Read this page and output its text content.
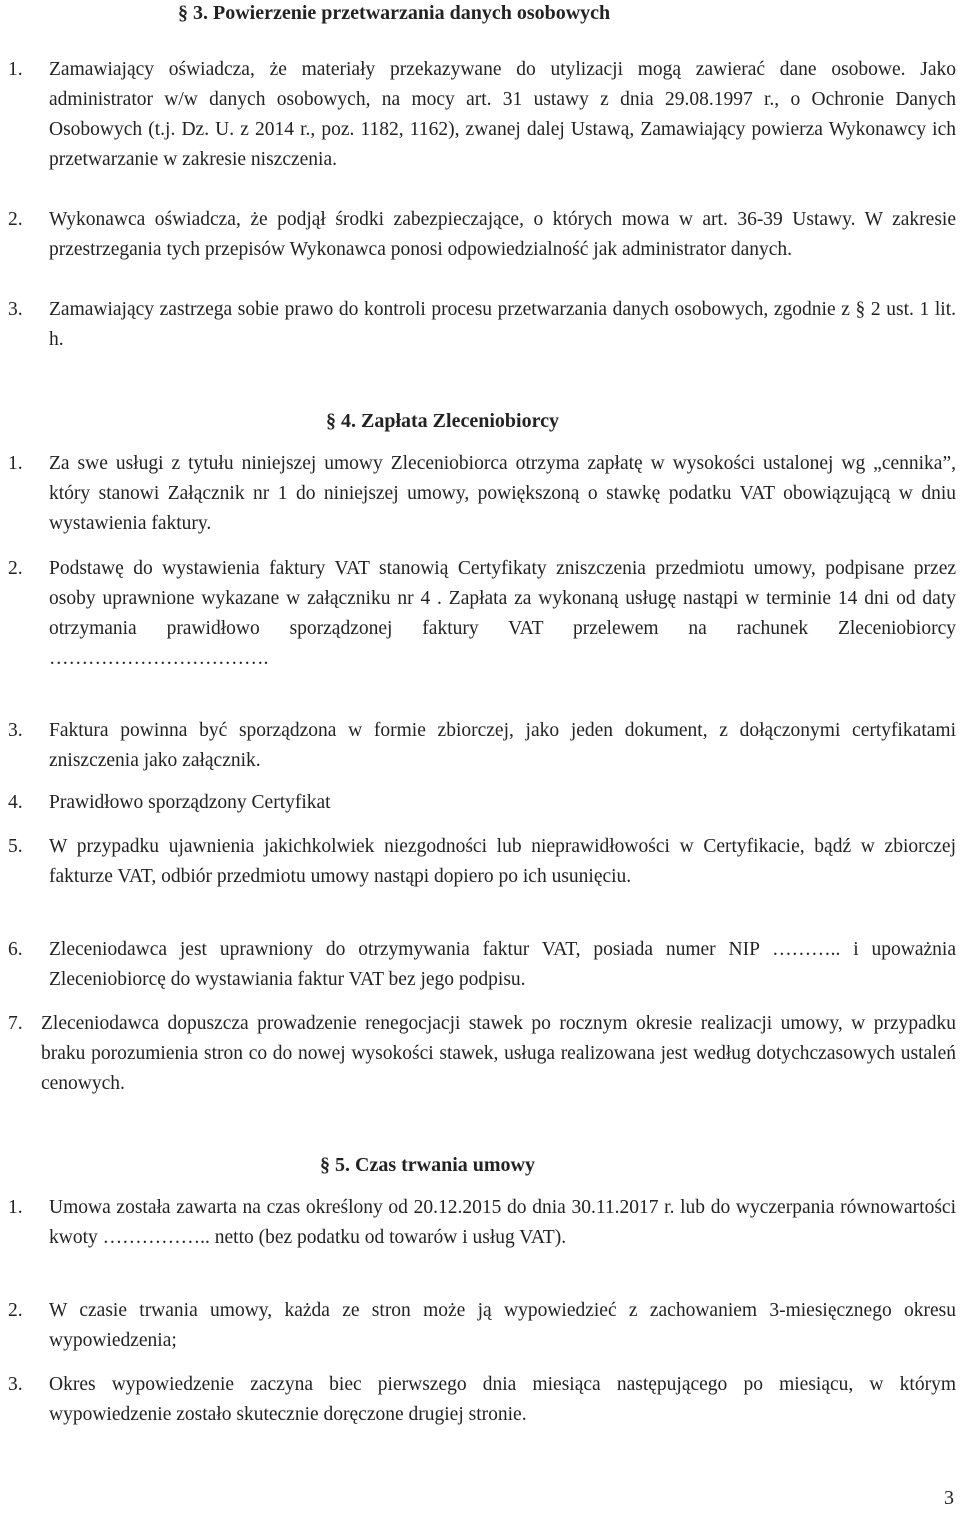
§ 3. Powierzenie przetwarzania danych osobowych
1. Zamawiający oświadcza, że materiały przekazywane do utylizacji mogą zawierać dane osobowe. Jako administrator w/w danych osobowych, na mocy art. 31 ustawy z dnia 29.08.1997 r., o Ochronie Danych Osobowych (t.j. Dz. U. z 2014 r., poz. 1182, 1162), zwanej dalej Ustawą, Zamawiający powierza Wykonawcy ich przetwarzanie w zakresie niszczenia.
2. Wykonawca oświadcza, że podjął środki zabezpieczające, o których mowa w art. 36-39 Ustawy. W zakresie przestrzegania tych przepisów Wykonawca ponosi odpowiedzialność jak administrator danych.
3. Zamawiający zastrzega sobie prawo do kontroli procesu przetwarzania danych osobowych, zgodnie z § 2 ust. 1 lit. h.
§ 4. Zapłata Zleceniobiorcy
1. Za swe usługi z tytułu niniejszej umowy Zleceniobiorca otrzyma zapłatę w wysokości ustalonej wg „cennika”, który stanowi Załącznik nr 1 do niniejszej umowy, powiększoną o stawkę podatku VAT obowiązującą w dniu wystawienia faktury.
2. Podstawę do wystawienia faktury VAT stanowią Certyfikaty zniszczenia przedmiotu umowy, podpisane przez osoby uprawnione wykazane w załączniku nr 4 . Zapłata za wykonaną usługę nastąpi w terminie 14 dni od daty otrzymania prawidłowo sporządzonej faktury VAT przelewem na rachunek Zleceniobiorcy …………………………….
3. Faktura powinna być sporządzona w formie zbiorczej, jako jeden dokument, z dołączonymi certyfikatami zniszczenia jako załącznik.
4. Prawidłowo sporządzony Certyfikat
5. W przypadku ujawnienia jakichkolwiek niezgodności lub nieprawidłowości w Certyfikacie, bądź w zbiorczej fakturze VAT, odbiór przedmiotu umowy nastąpi dopiero po ich usunięciu.
6. Zleceniodawca jest uprawniony do otrzymywania faktur VAT, posiada numer NIP ……….. i upoważnia Zleceniobiorcę do wystawiania faktur VAT bez jego podpisu.
7. Zleceniodawca dopuszcza prowadzenie renegocjacji stawek po rocznym okresie realizacji umowy, w przypadku braku porozumienia stron co do nowej wysokości stawek, usługa realizowana jest według dotychczasowych ustaleń cenowych.
§ 5. Czas trwania umowy
1. Umowa została zawarta na czas określony od 20.12.2015 do dnia 30.11.2017 r. lub do wyczerpania równowartości kwoty …………….. netto (bez podatku od towarów i usług VAT).
2. W czasie trwania umowy, każda ze stron może ją wypowiedzieć z zachowaniem 3-miesięcznego okresu wypowiedzenia;
3. Okres wypowiedzenie zaczyna biec pierwszego dnia miesiąca następującego po miesiącu, w którym wypowiedzenie zostało skutecznie doręczone drugiej stronie.
3
